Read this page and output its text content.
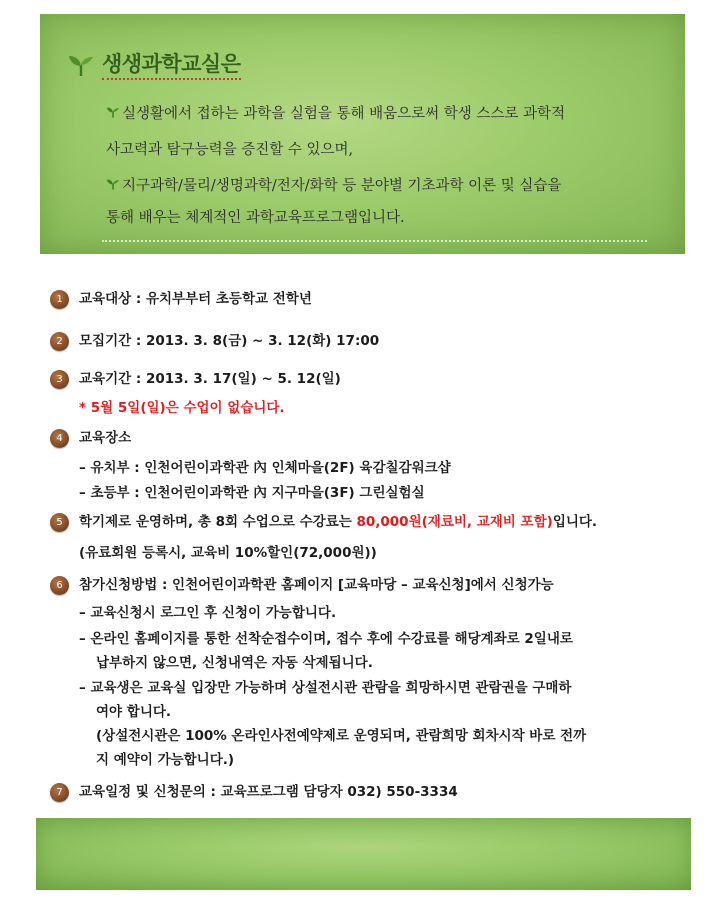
생생과학교실은
실생활에서 접하는 과학을 실험을 통해 배움으로써 학생 스스로 과학적
사고력과 탐구능력을 증진할 수 있으며,
지구과학/물리/생명과학/전자/화학 등 분야별 기초과학 이론 및 실습을
통해 배우는 체계적인 과학교육프로그램입니다.
1 교육대상 : 유치부부터 초등학교 전학년
2 모집기간 : 2013. 3. 8(금) ~ 3. 12(화) 17:00
3 교육기간 : 2013. 3. 17(일) ~ 5. 12(일)
* 5월 5일(일)은 수업이 없습니다.
4 교육장소
– 유치부 : 인천어린이과학관 內 인체마을(2F) 육감칠감워크샵
– 초등부 : 인천어린이과학관 內 지구마을(3F) 그린실험실
5 학기제로 운영하며, 총 8회 수업으로 수강료는 80,000원(재료비, 교재비 포함)입니다.
(유료회원 등록시, 교육비 10%할인(72,000원))
6 참가신청방법 : 인천어린이과학관 홈페이지 [교육마당 – 교육신청]에서 신청가능
– 교육신청시 로그인 후 신청이 가능합니다.
– 온라인 홈페이지를 통한 선착순접수이며, 접수 후에 수강료를 해당계좌로 2일내로
납부하지 않으면, 신청내역은 자동 삭제됩니다.
– 교육생은 교육실 입장만 가능하며 상설전시관 관람을 희망하시면 관람권을 구매하
여야 합니다.
(상설전시관은 100% 온라인사전예약제로 운영되며, 관람희망 회차시작 바로 전까
지 예약이 가능합니다.)
7 교육일정 및 신청문의 : 교육프로그램 담당자 032) 550-3334
